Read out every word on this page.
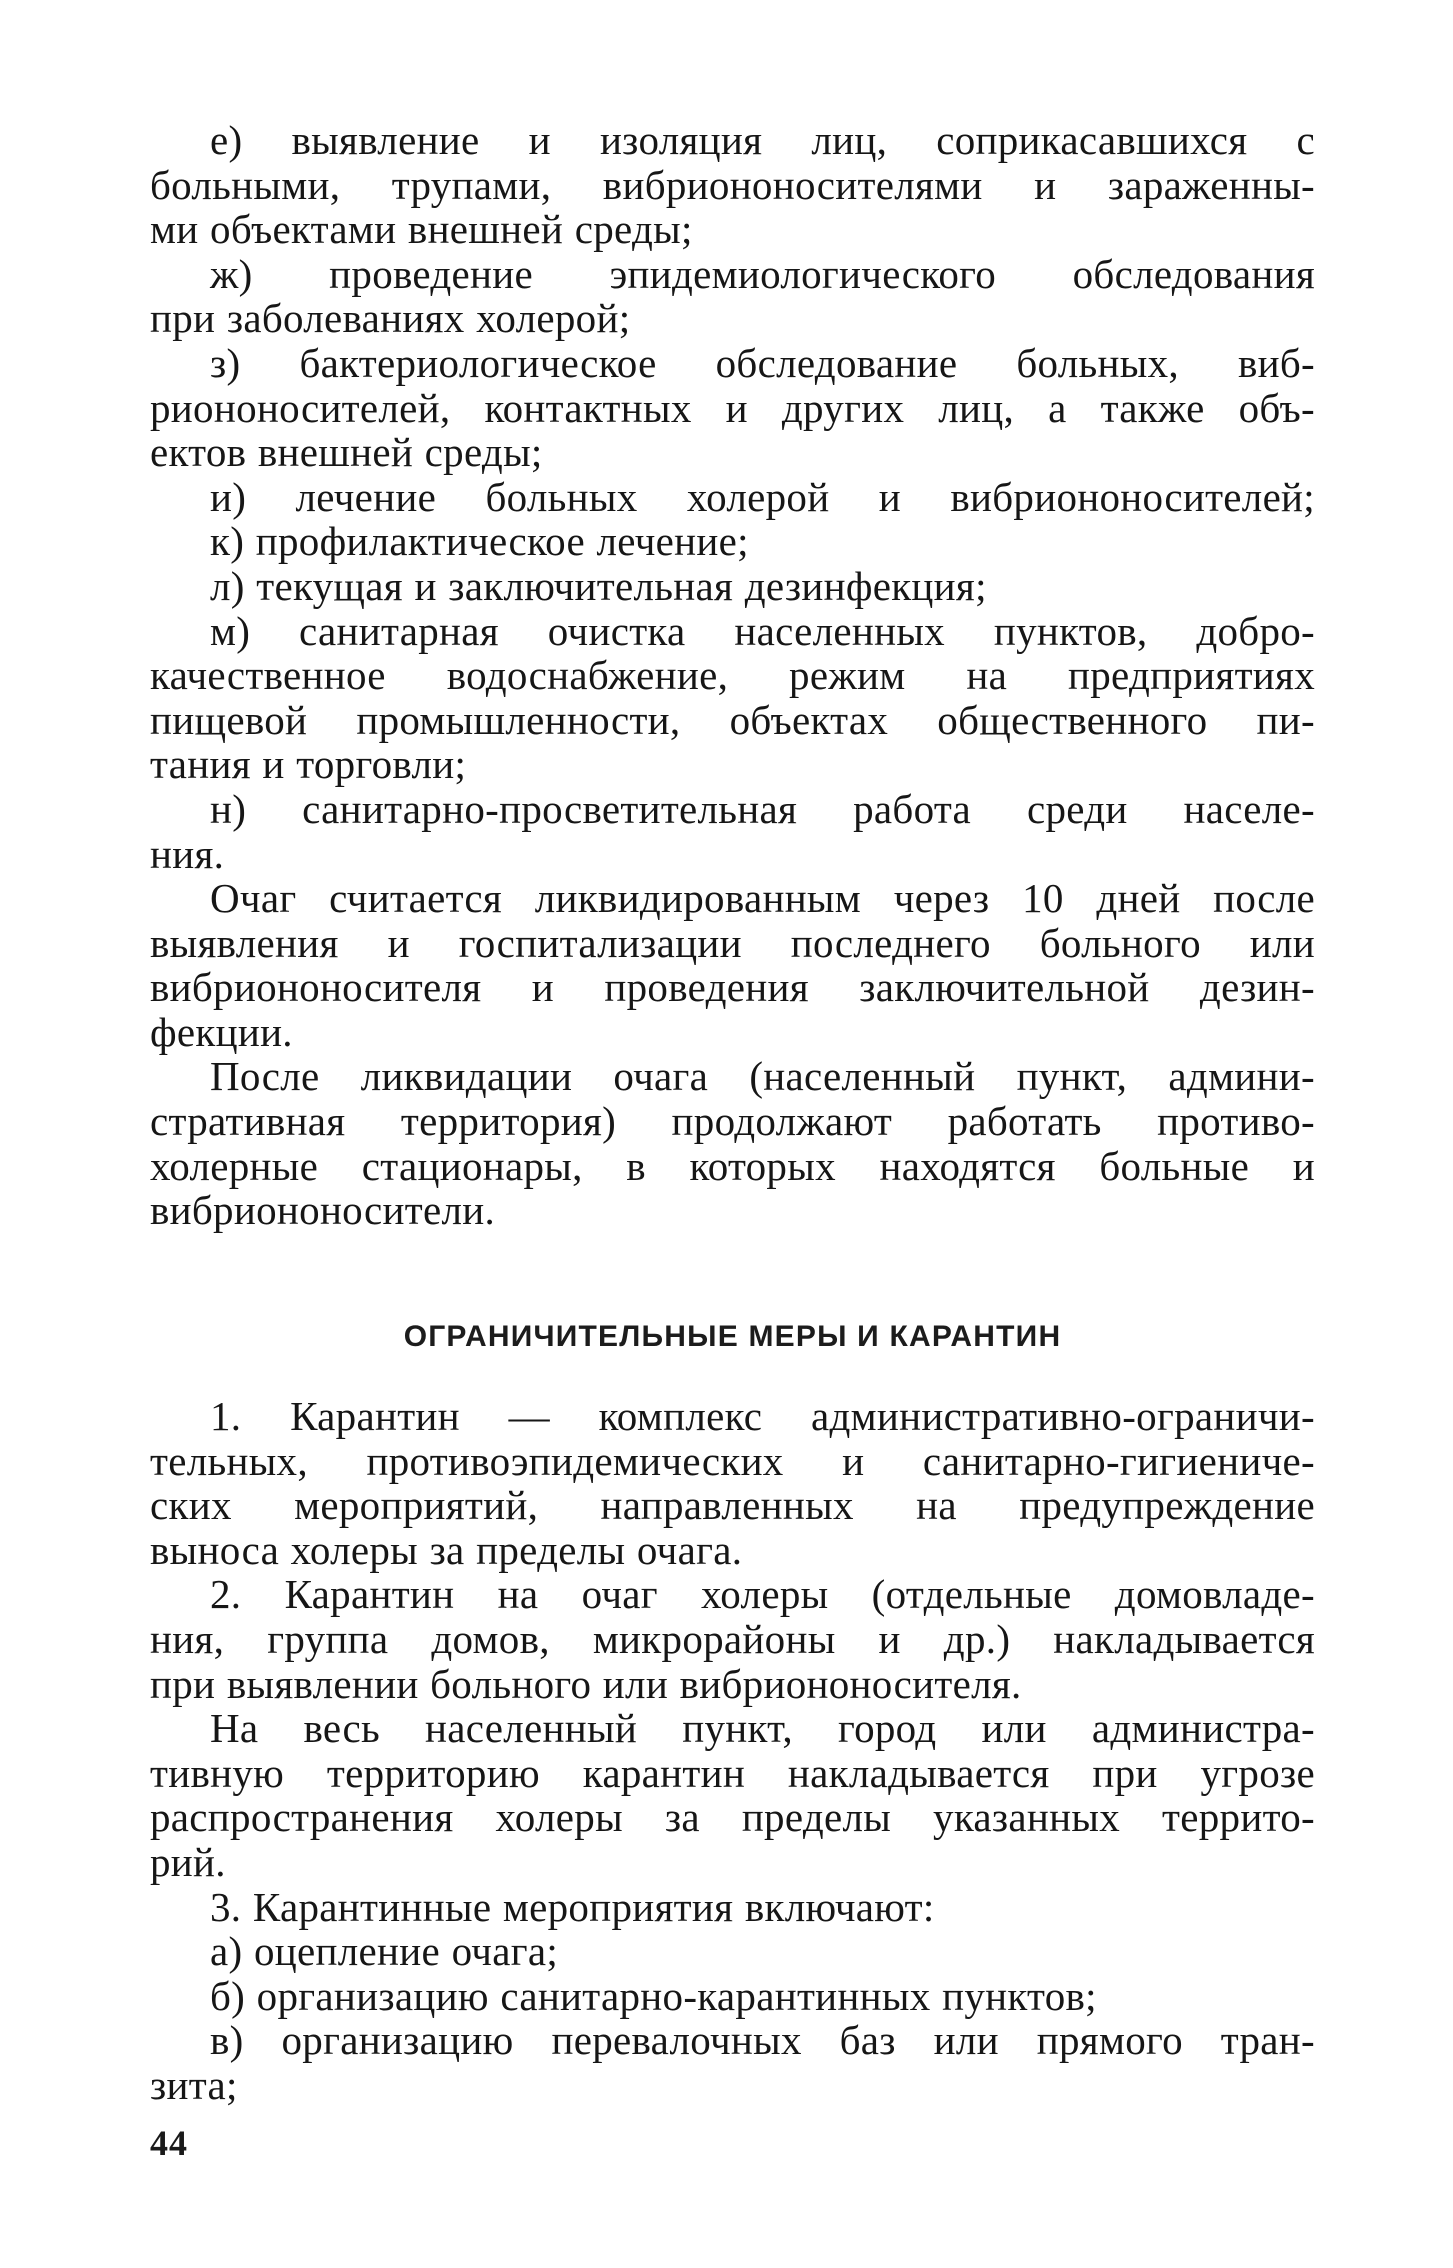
е) выявление и изоляция лиц, соприкасавшихся с
больными, трупами, вибриононосителями и зараженны-
ми объектами внешней среды;
ж) проведение эпидемиологического обследования
при заболеваниях холерой;
з) бактериологическое обследование больных, виб-
риононосителей, контактных и других лиц, а также объ-
ектов внешней среды;
и) лечение больных холерой и вибриононосителей;
к) профилактическое лечение;
л) текущая и заключительная дезинфекция;
м) санитарная очистка населенных пунктов, добро-
качественное водоснабжение, режим на предприятиях
пищевой промышленности, объектах общественного пи-
тания и торговли;
н) санитарно-просветительная работа среди населе-
ния.
Очаг считается ликвидированным через 10 дней после
выявления и госпитализации последнего больного или
вибриононосителя и проведения заключительной дезин-
фекции.
После ликвидации очага (населенный пункт, админи-
стративная территория) продолжают работать противо-
холерные стационары, в которых находятся больные и
вибриононосители.
ОГРАНИЧИТЕЛЬНЫЕ МЕРЫ И КАРАНТИН
1. Карантин — комплекс административно-ограничи-
тельных, противоэпидемических и санитарно-гигиениче-
ских мероприятий, направленных на предупреждение
выноса холеры за пределы очага.
2. Карантин на очаг холеры (отдельные домовладе-
ния, группа домов, микрорайоны и др.) накладывается
при выявлении больного или вибриононосителя.
На весь населенный пункт, город или администра-
тивную территорию карантин накладывается при угрозе
распространения холеры за пределы указанных террито-
рий.
3. Карантинные мероприятия включают:
а) оцепление очага;
б) организацию санитарно-карантинных пунктов;
в) организацию перевалочных баз или прямого тран-
зита;
44
